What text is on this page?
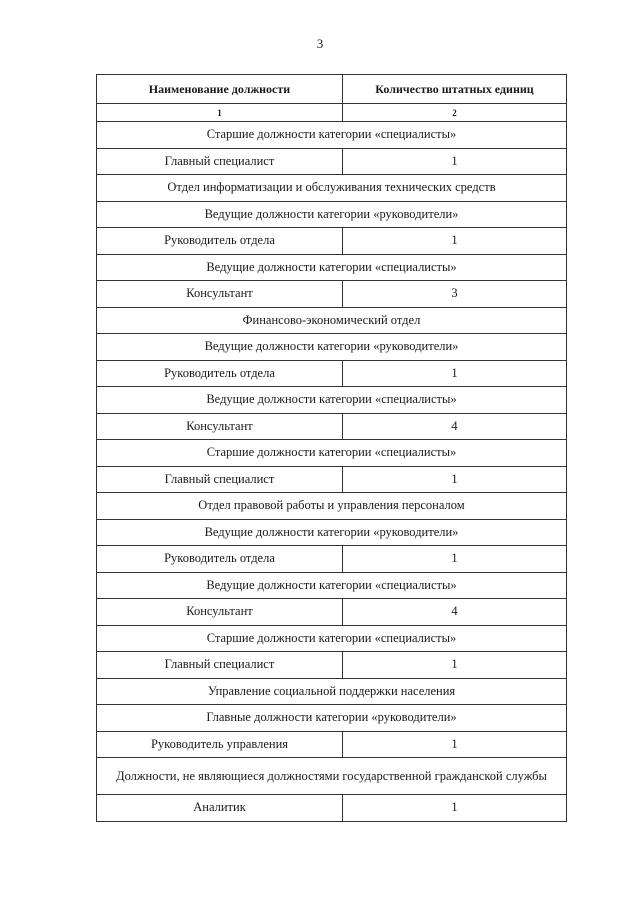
3
Наименование должности	Количество штатных единиц
1	2
Старшие должности категории «специалисты»	
Главный специалист	1
Отдел информатизации и обслуживания технических средств	
Ведущие должности категории «руководители»	
Руководитель отдела	1
Ведущие должности категории «специалисты»	
Консультант	3
Финансово-экономический отдел	
Ведущие должности категории «руководители»	
Руководитель отдела	1
Ведущие должности категории «специалисты»	
Консультант	4
Старшие должности категории «специалисты»	
Главный специалист	1
Отдел правовой работы и управления персоналом	
Ведущие должности категории «руководители»	
Руководитель отдела	1
Ведущие должности категории «специалисты»	
Консультант	4
Старшие должности категории «специалисты»	
Главный специалист	1
Управление социальной поддержки населения	
Главные должности категории «руководители»	
Руководитель управления	1
Должности, не являющиеся должностями государственной гражданской службы	
Аналитик	1
